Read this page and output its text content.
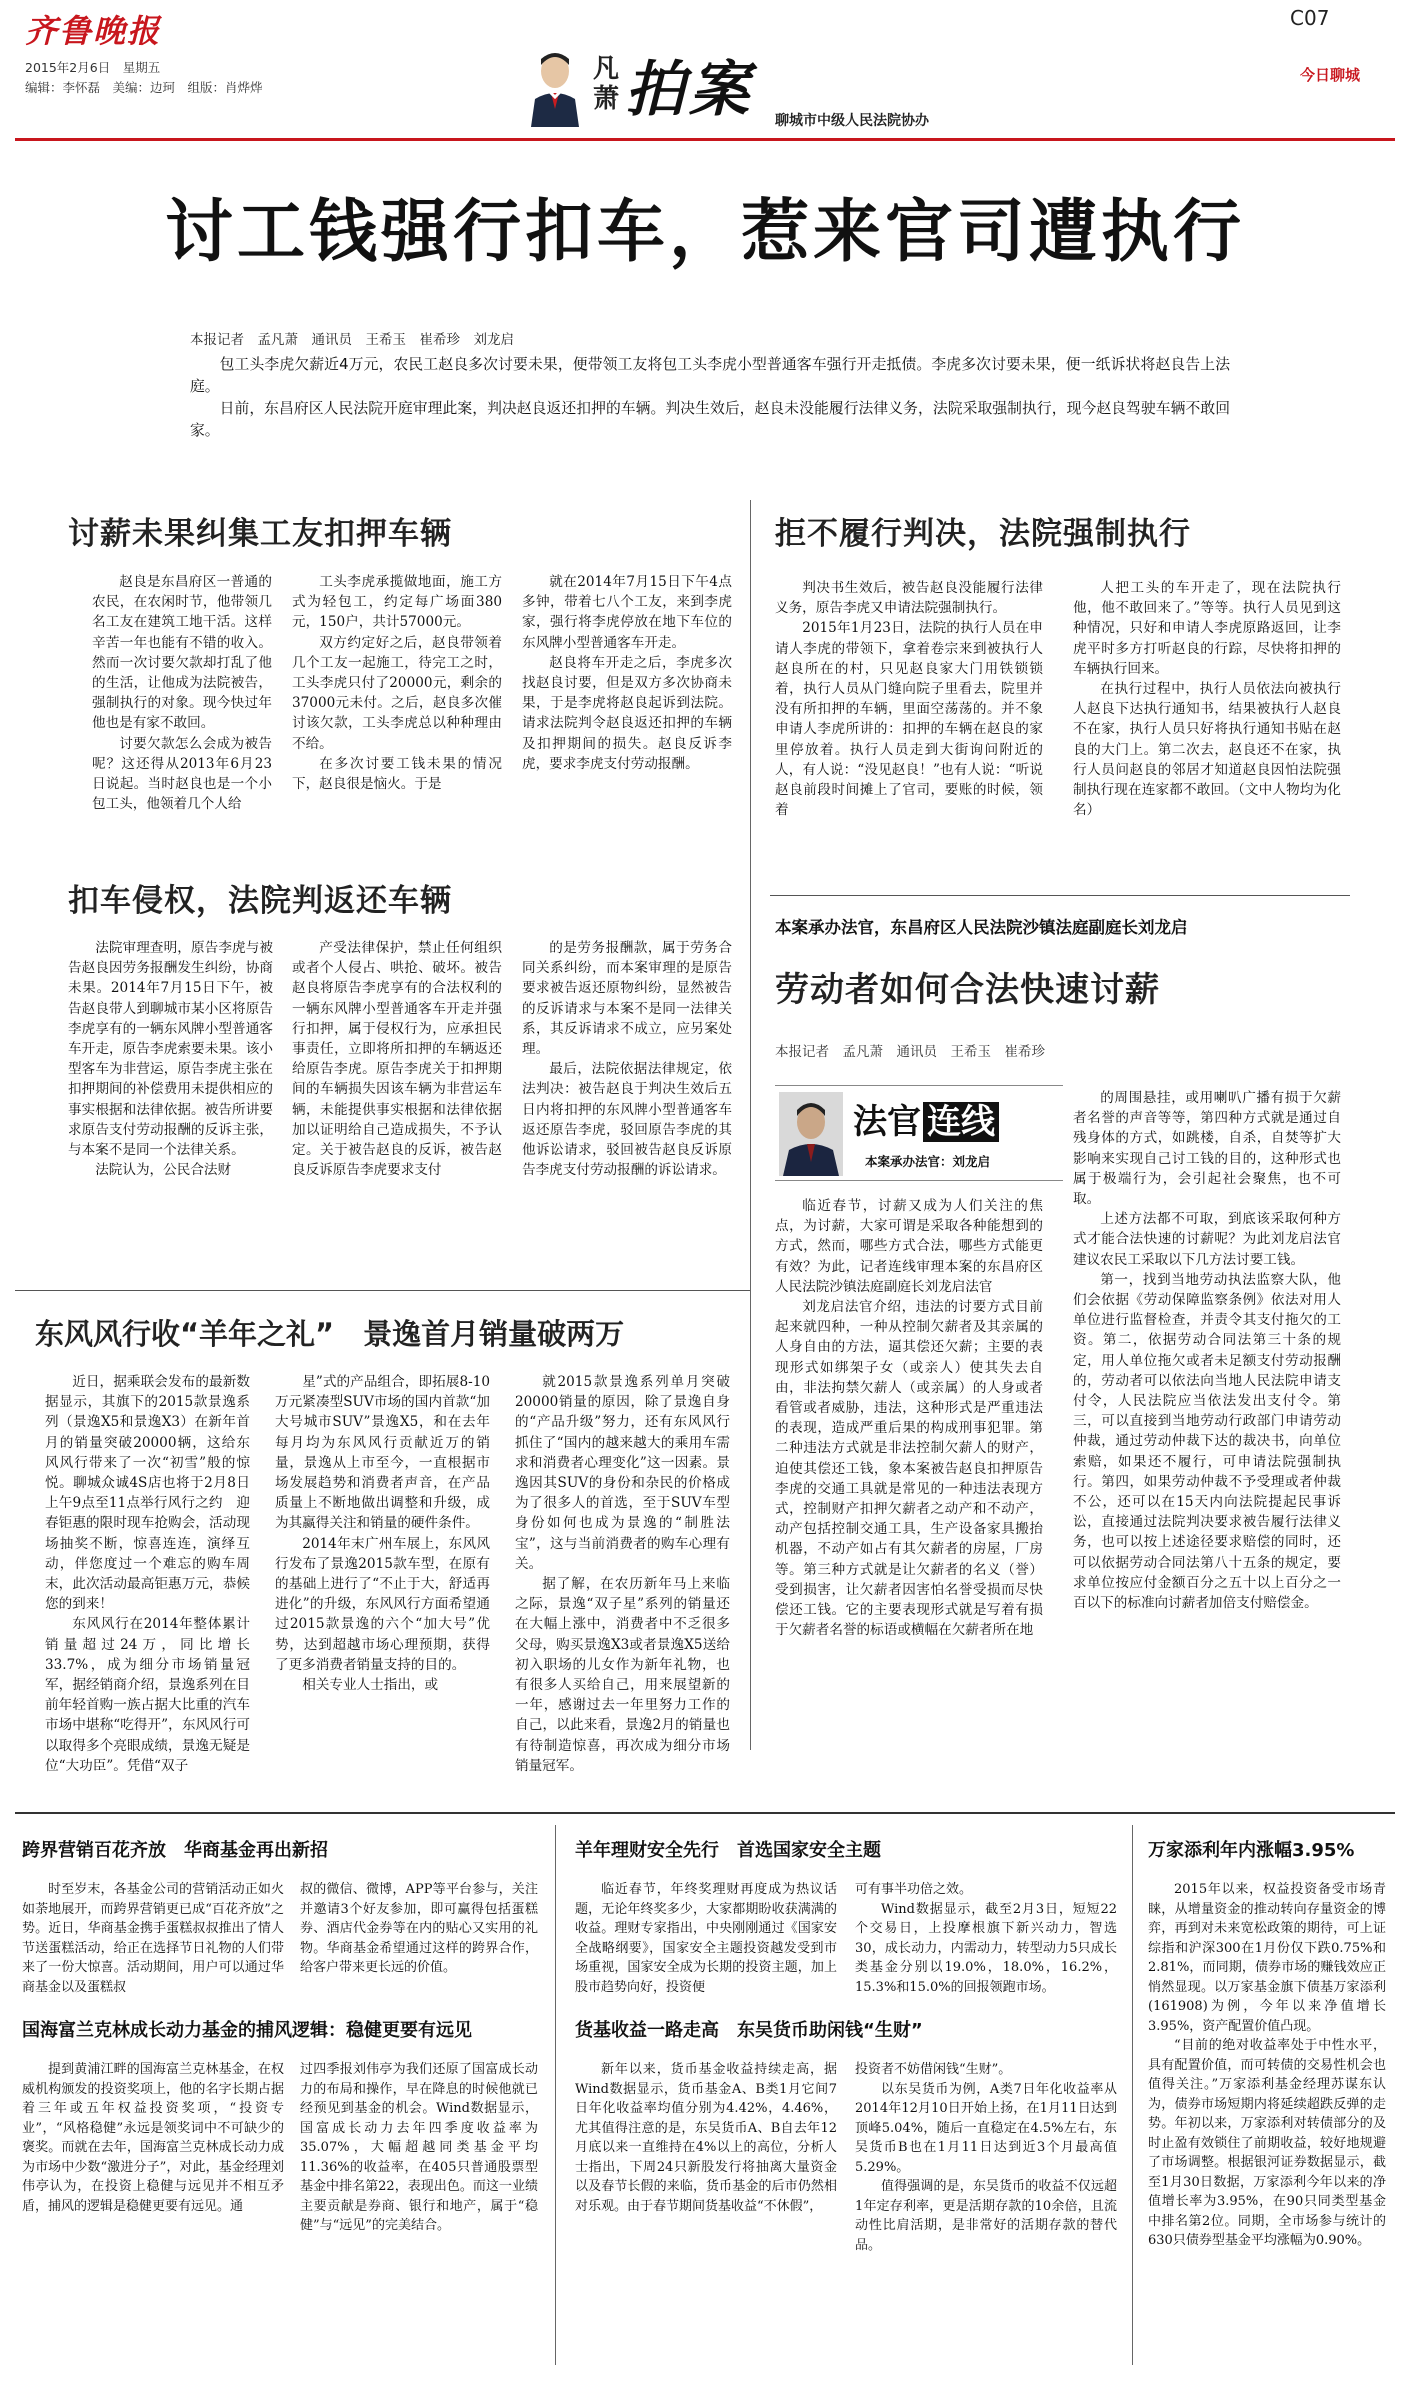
齐鲁晚报
2015年2月6日　星期五
编辑：李怀磊　美编：边珂　组版：肖烨烨
凡
萧 拍案 聊城市中级人民法院协办
C07
今日聊城
讨工钱强行扣车，惹来官司遭执行
本报记者　孟凡萧　通讯员　王希玉　崔希珍　刘龙启

包工头李虎欠薪近4万元，农民工赵良多次讨要未果，便带领工友将包工头李虎小型普通客车强行开走抵债。李虎多次讨要未果，便一纸诉状将赵良告上法庭。

日前，东昌府区人民法院开庭审理此案，判决赵良返还扣押的车辆。判决生效后，赵良未没能履行法律义务，法院采取强制执行，现今赵良驾驶车辆不敢回家。

讨薪未果纠集工友扣押车辆

赵良是东昌府区一普通的农民，在农闲时节，他带领几名工友在建筑工地干活。这样辛苦一年也能有不错的收入。然而一次讨要欠款却打乱了他的生活，让他成为法院被告，强制执行的对象。现今快过年他也是有家不敢回。

讨要欠款怎么会成为被告呢？这还得从2013年6月23日说起。当时赵良也是一个小包工头，他领着几个人给

工头李虎承揽做地面，施工方式为轻包工，约定每广场面380元，150户，共计57000元。

双方约定好之后，赵良带领着几个工友一起施工，待完工之时，工头李虎只付了20000元，剩余的37000元未付。之后，赵良多次催讨该欠款，工头李虎总以种种理由不给。

在多次讨要工钱未果的情况下，赵良很是恼火。于是

就在2014年7月15日下午4点多钟，带着七八个工友，来到李虎家，强行将李虎停放在地下车位的东风牌小型普通客车开走。

赵良将车开走之后，李虎多次找赵良讨要，但是双方多次协商未果，于是李虎将赵良起诉到法院。请求法院判令赵良返还扣押的车辆及扣押期间的损失。赵良反诉李虎，要求李虎支付劳动报酬。

扣车侵权，法院判返还车辆

法院审理查明，原告李虎与被告赵良因劳务报酬发生纠纷，协商未果。2014年7月15日下午，被告赵良带人到聊城市某小区将原告李虎享有的一辆东风牌小型普通客车开走，原告李虎索要未果。该小型客车为非营运，原告李虎主张在扣押期间的补偿费用未提供相应的事实根据和法律依据。被告所讲要求原告支付劳动报酬的反诉主张，与本案不是同一个法律关系。

法院认为，公民合法财

产受法律保护，禁止任何组织或者个人侵占、哄抢、破坏。被告赵良将原告李虎享有的合法权利的一辆东风牌小型普通客车开走并强行扣押，属于侵权行为，应承担民事责任，立即将所扣押的车辆返还给原告李虎。原告李虎关于扣押期间的车辆损失因该车辆为非营运车辆，未能提供事实根据和法律依据加以证明给自己造成损失，不予认定。关于被告赵良的反诉，被告赵良反诉原告李虎要求支付

的是劳务报酬款，属于劳务合同关系纠纷，而本案审理的是原告要求被告返还原物纠纷，显然被告的反诉请求与本案不是同一法律关系，其反诉请求不成立，应另案处理。

最后，法院依据法律规定，依法判决：被告赵良于判决生效后五日内将扣押的东风牌小型普通客车返还原告李虎，驳回原告李虎的其他诉讼请求，驳回被告赵良反诉原告李虎支付劳动报酬的诉讼请求。

拒不履行判决，法院强制执行

判决书生效后，被告赵良没能履行法律义务，原告李虎又申请法院强制执行。

2015年1月23日，法院的执行人员在申请人李虎的带领下，拿着卷宗来到被执行人赵良所在的村，只见赵良家大门用铁锁锁着，执行人员从门缝向院子里看去，院里并没有所扣押的车辆，里面空荡荡的。并不象申请人李虎所讲的：扣押的车辆在赵良的家里停放着。执行人员走到大街询问附近的人，有人说：“没见赵良！”也有人说：“听说赵良前段时间摊上了官司，要账的时候，领着

人把工头的车开走了，现在法院执行他，他不敢回来了。”等等。执行人员见到这种情况，只好和申请人李虎原路返回，让李虎平时多方打听赵良的行踪，尽快将扣押的车辆执行回来。

在执行过程中，执行人员依法向被执行人赵良下达执行通知书，结果被执行人赵良不在家，执行人员只好将执行通知书贴在赵良的大门上。第二次去，赵良还不在家，执行人员问赵良的邻居才知道赵良因怕法院强制执行现在连家都不敢回。（文中人物均为化名）

本案承办法官，东昌府区人民法院沙镇法庭副庭长刘龙启
劳动者如何合法快速讨薪
本报记者　孟凡萧　通讯员　王希玉　崔希珍
法官 连线
本案承办法官：刘龙启

临近春节，讨薪又成为人们关注的焦点，为讨薪，大家可谓是采取各种能想到的方式，然而，哪些方式合法，哪些方式能更有效？为此，记者连线审理本案的东昌府区人民法院沙镇法庭副庭长刘龙启法官

刘龙启法官介绍，违法的讨要方式目前起来就四种，一种从控制欠薪者及其亲属的人身自由的方法，逼其偿还欠薪；主要的表现形式如绑架子女（或亲人）使其失去自由，非法拘禁欠薪人（或亲属）的人身或者看管或者威胁，违法，这种形式是严重违法的表现，造成严重后果的构成刑事犯罪。第二种违法方式就是非法控制欠薪人的财产，迫使其偿还工钱，象本案被告赵良扣押原告李虎的交通工具就是常见的一种违法表现方式，控制财产扣押欠薪者之动产和不动产，动产包括控制交通工具，生产设备家具搬抬机器，不动产如占有其欠薪者的房屋，厂房等。第三种方式就是让欠薪者的名义（誉）受到损害，让欠薪者因害怕名誉受损而尽快偿还工钱。它的主要表现形式就是写着有损于欠薪者名誉的标语或横幅在欠薪者所在地

的周围悬挂，或用喇叭广播有损于欠薪者名誉的声音等等，第四种方式就是通过自残身体的方式，如跳楼，自杀，自焚等扩大影响来实现自己讨工钱的目的，这种形式也属于极端行为，会引起社会聚焦，也不可取。

上述方法都不可取，到底该采取何种方式才能合法快速的讨薪呢？为此刘龙启法官建议农民工采取以下几方法讨要工钱。

第一，找到当地劳动执法监察大队，他们会依据《劳动保障监察条例》依法对用人单位进行监督检查，并责令其支付拖欠的工资。第二，依据劳动合同法第三十条的规定，用人单位拖欠或者未足额支付劳动报酬的，劳动者可以依法向当地人民法院申请支付令，人民法院应当依法发出支付令。第三，可以直接到当地劳动行政部门申请劳动仲裁，通过劳动仲裁下达的裁决书，向单位索赔，如果还不履行，可申请法院强制执行。第四，如果劳动仲裁不予受理或者仲裁不公，还可以在15天内向法院提起民事诉讼，直接通过法院判决要求被告履行法律义务，也可以按上述途径要求赔偿的同时，还可以依据劳动合同法第八十五条的规定，要求单位按应付金额百分之五十以上百分之一百以下的标准向讨薪者加倍支付赔偿金。

东风风行收“羊年之礼”　景逸首月销量破两万

近日，据乘联会发布的最新数据显示，其旗下的2015款景逸系列（景逸X5和景逸X3）在新年首月的销量突破20000辆，这给东风风行带来了一次“初雪”般的惊悦。聊城众诚4S店也将于2月8日上午9点至11点举行风行之约　迎春钜惠的限时现车抢购会，活动现场抽奖不断，惊喜连连，演绎互动，伴您度过一个难忘的购车周末，此次活动最高钜惠万元，恭候您的到来！

东风风行在2014年整体累计销量超过24万，同比增长33.7%，成为细分市场销量冠军，据经销商介绍，景逸系列在目前年轻首购一族占据大比重的汽车市场中堪称“吃得开”，东风风行可以取得多个亮眼成绩，景逸无疑是位“大功臣”。凭借“双子

星”式的产品组合，即拓展8-10万元紧凑型SUV市场的国内首款“加大号城市SUV”景逸X5，和在去年每月均为东风风行贡献近万的销量，景逸从上市至今，一直根据市场发展趋势和消费者声音，在产品质量上不断地做出调整和升级，成为其赢得关注和销量的硬件条件。

2014年末广州车展上，东风风行发布了景逸2015款车型，在原有的基础上进行了“不止于大，舒适再进化”的升级，东风风行方面希望通过2015款景逸的六个“加大号”优势，达到超越市场心理预期，获得了更多消费者销量支持的目的。

相关专业人士指出，或

就2015款景逸系列单月突破20000销量的原因，除了景逸自身的“产品升级”努力，还有东风风行抓住了“国内的越来越大的乘用车需求和消费者心理变化”这一因素。景逸因其SUV的身份和杂民的价格成为了很多人的首选，至于SUV车型身份如何也成为景逸的“制胜法宝”，这与当前消费者的购车心理有关。

据了解，在农历新年马上来临之际，景逸“双子星”系列的销量还在大幅上涨中，消费者中不乏很多父母，购买景逸X3或者景逸X5送给初入职场的儿女作为新年礼物，也有很多人买给自己，用来展望新的一年，感谢过去一年里努力工作的自己，以此来看，景逸2月的销量也有待制造惊喜，再次成为细分市场销量冠军。

跨界营销百花齐放　华商基金再出新招

时至岁末，各基金公司的营销活动正如火如荼地展开，而跨界营销更已成“百花齐放”之势。近日，华商基金携手蛋糕叔叔推出了情人节送蛋糕活动，给正在选择节日礼物的人们带来了一份大惊喜。活动期间，用户可以通过华商基金以及蛋糕叔

叔的微信、微博，APP等平台参与，关注并邀请3个好友参加，即可赢得包括蛋糕券、酒店代金券等在内的贴心又实用的礼物。华商基金希望通过这样的跨界合作，给客户带来更长远的价值。

国海富兰克林成长动力基金的捕风逻辑：稳健更要有远见

提到黄浦江畔的国海富兰克林基金，在权威机构颁发的投资奖项上，他的名字长期占据着三年或五年权益投资奖项，“投资专业”，“风格稳健”永远是领奖词中不可缺少的褒奖。而就在去年，国海富兰克林成长动力成为市场中少数“激进分子”，对此，基金经理刘伟亭认为，在投资上稳健与远见并不相互矛盾，捕风的逻辑是稳健更要有远见。通

过四季报刘伟亭为我们还原了国富成长动力的布局和操作，早在降息的时候他就已经预见到基金的机会。Wind数据显示，国富成长动力去年四季度收益率为35.07%，大幅超越同类基金平均11.36%的收益率，在405只普通股票型基金中排名第22，表现出色。而这一业绩主要贡献是券商、银行和地产，属于“稳健”与“远见”的完美结合。

羊年理财安全先行　首选国家安全主题

临近春节，年终奖理财再度成为热议话题，无论年终奖多少，大家都期盼收获满满的收益。理财专家指出，中央刚刚通过《国家安全战略纲要》，国家安全主题投资越发受到市场重视，国家安全成为长期的投资主题，加上股市趋势向好，投资便

可有事半功倍之效。

Wind数据显示，截至2月3日，短短22个交易日，上投摩根旗下新兴动力，智选30，成长动力，内需动力，转型动力5只成长类基金分别以19.0%，18.0%，16.2%，15.3%和15.0%的回报领跑市场。

货基收益一路走高　东吴货币助闲钱“生财”

新年以来，货币基金收益持续走高，据Wind数据显示，货币基金A、B类1月它间7日年化收益率均值分别为4.42%，4.46%，尤其值得注意的是，东吴货币A、B自去年12月底以来一直维持在4%以上的高位，分析人士指出，下周24只新股发行将抽离大量资金以及春节长假的来临，货币基金的后市仍然相对乐观。由于春节期间货基收益“不休假”，

投资者不妨借闲钱“生财”。

以东吴货币为例，A类7日年化收益率从2014年12月10日开始上扬，在1月11日达到顶峰5.04%，随后一直稳定在4.5%左右，东吴货币B也在1月11日达到近3个月最高值5.29%。

值得强调的是，东吴货币的收益不仅远超1年定存利率，更是活期存款的10余倍，且流动性比肩活期，是非常好的活期存款的替代品。

万家添利年内涨幅3.95%

2015年以来，权益投资备受市场青睐，从增量资金的推动转向存量资金的博弈，再到对未来宽松政策的期待，可上证综指和沪深300在1月份仅下跌0.75%和2.81%，而同期，债券市场的赚钱效应正悄然显现。以万家基金旗下债基万家添利(161908)为例，今年以来净值增长3.95%，资产配置价值凸现。

“目前的绝对收益率处于中性水平，具有配置价值，而可转债的交易性机会也值得关注。”万家添利基金经理苏谋东认为，债券市场短期内将延续超跌反弹的走势。年初以来，万家添利对转债部分的及时止盈有效锁住了前期收益，较好地规避了市场调整。根据银河证券数据显示，截至1月30日数据，万家添利今年以来的净值增长率为3.95%，在90只同类型基金中排名第2位。同期，全市场参与统计的630只债券型基金平均涨幅为0.90%。
